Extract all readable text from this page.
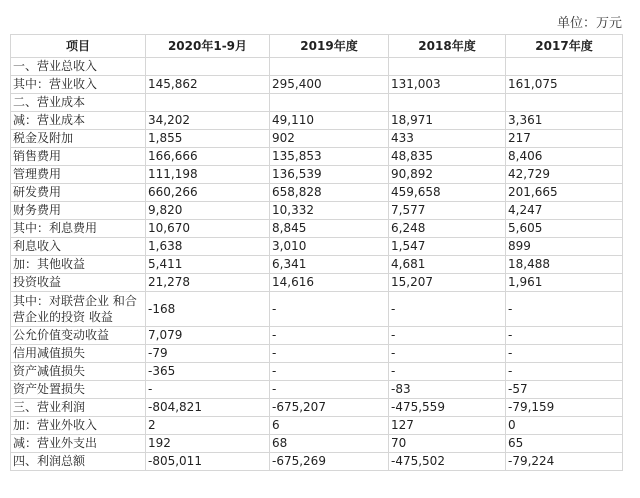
单位：万元
项目	2020年1-9月	2019年度	2018年度	2017年度
一、营业总收入				
其中：营业收入	145,862	295,400	131,003	161,075
二、营业成本				
减：营业成本	34,202	49,110	18,971	3,361
税金及附加	1,855	902	433	217
销售费用	166,666	135,853	48,835	8,406
管理费用	111,198	136,539	90,892	42,729
研发费用	660,266	658,828	459,658	201,665
财务费用	9,820	10,332	7,577	4,247
其中：利息费用	10,670	8,845	6,248	5,605
利息收入	1,638	3,010	1,547	899
加：其他收益	5,411	6,341	4,681	18,488
投资收益	21,278	14,616	15,207	1,961
其中：对联营企业 和合营企业的投资 收益	-168	-	-	-
公允价值变动收益	7,079	-	-	-
信用减值损失	-79	-	-	-
资产减值损失	-365	-	-	-
资产处置损失	-	-	-83	-57
三、营业利润	-804,821	-675,207	-475,559	-79,159
加：营业外收入	2	6	127	0
减：营业外支出	192	68	70	65
四、利润总额	-805,011	-675,269	-475,502	-79,224
